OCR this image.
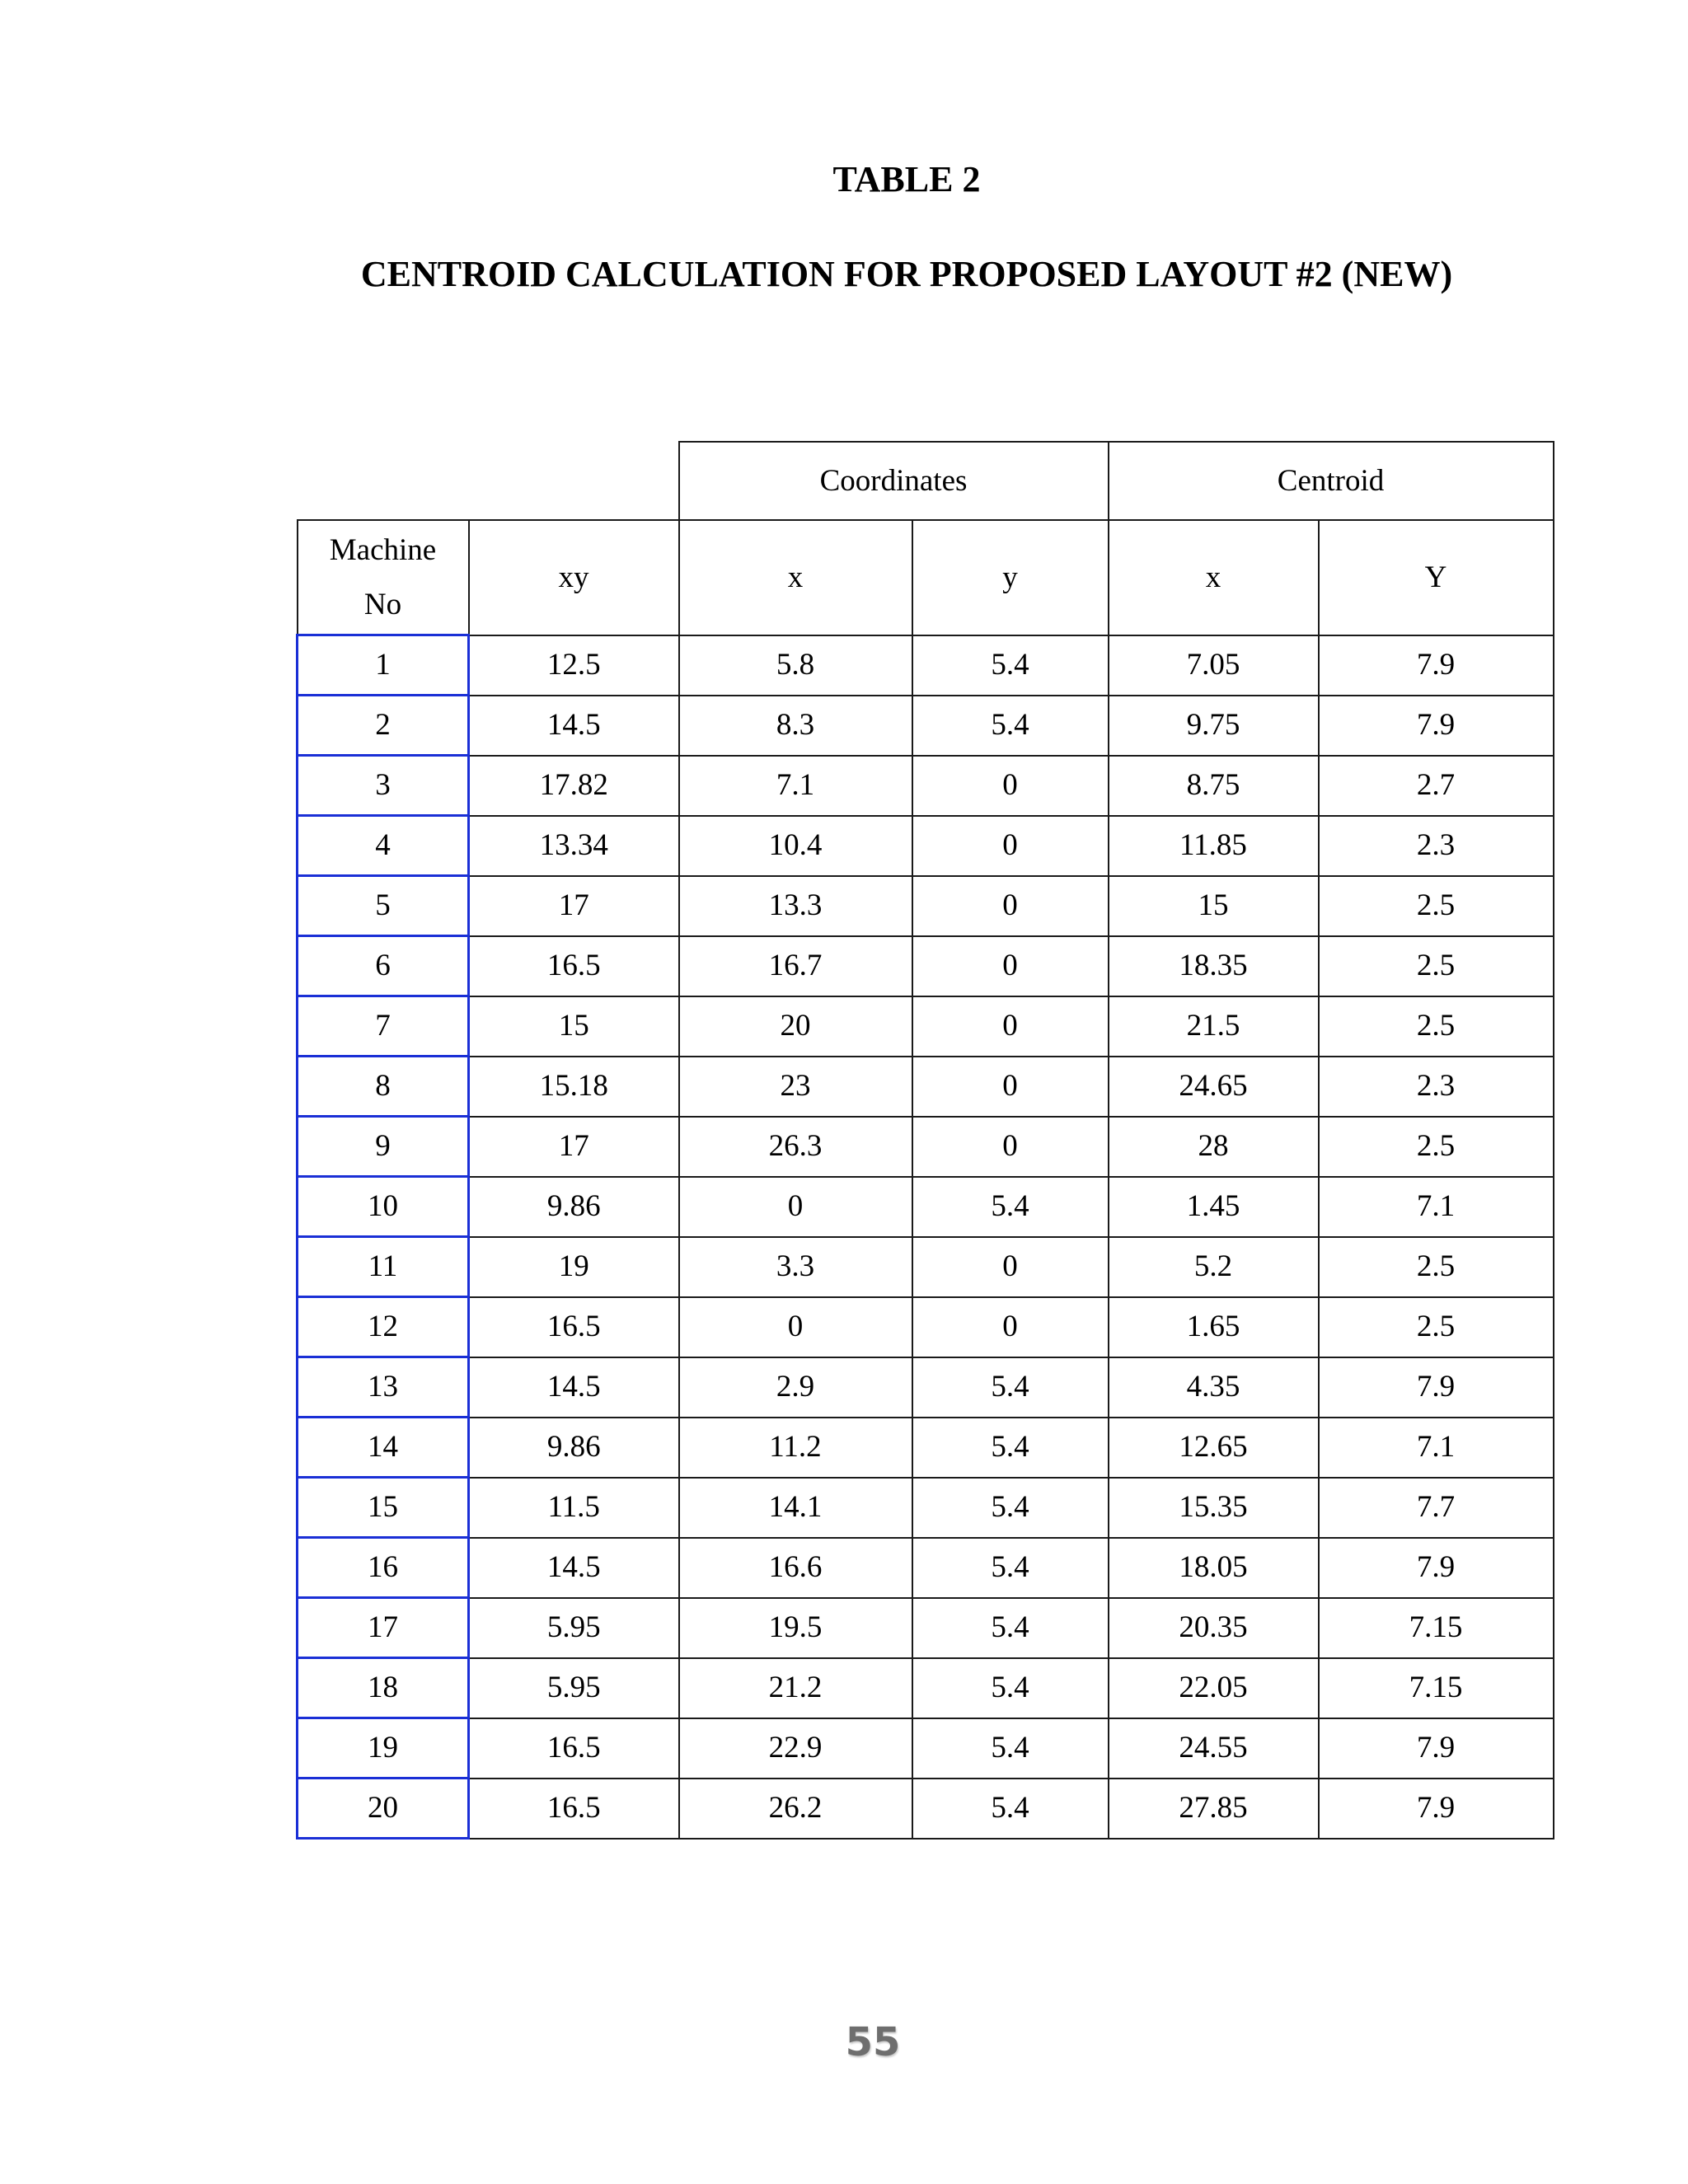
TABLE 2
CENTROID CALCULATION FOR PROPOSED LAYOUT #2 (NEW)
		Coordinates		Centroid	
Machine
No	xy	x	y	x	Y
1	12.5	5.8	5.4	7.05	7.9
2	14.5	8.3	5.4	9.75	7.9
3	17.82	7.1	0	8.75	2.7
4	13.34	10.4	0	11.85	2.3
5	17	13.3	0	15	2.5
6	16.5	16.7	0	18.35	2.5
7	15	20	0	21.5	2.5
8	15.18	23	0	24.65	2.3
9	17	26.3	0	28	2.5
10	9.86	0	5.4	1.45	7.1
11	19	3.3	0	5.2	2.5
12	16.5	0	0	1.65	2.5
13	14.5	2.9	5.4	4.35	7.9
14	9.86	11.2	5.4	12.65	7.1
15	11.5	14.1	5.4	15.35	7.7
16	14.5	16.6	5.4	18.05	7.9
17	5.95	19.5	5.4	20.35	7.15
18	5.95	21.2	5.4	22.05	7.15
19	16.5	22.9	5.4	24.55	7.9
20	16.5	26.2	5.4	27.85	7.9
55
